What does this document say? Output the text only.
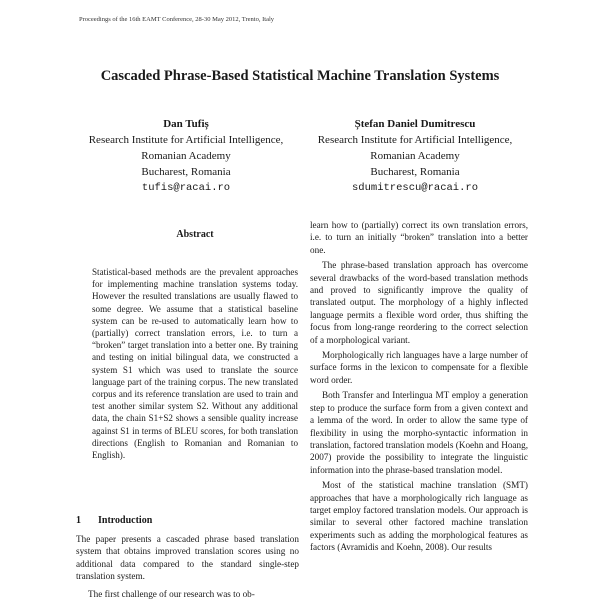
Proceedings of the 16th EAMT Conference, 28-30 May 2012, Trento, Italy
Cascaded Phrase-Based Statistical Machine Translation Systems
Dan Tufiș
Research Institute for Artificial Intelligence,
Romanian Academy
Bucharest, Romania
tufis@racai.ro
Ștefan Daniel Dumitrescu
Research Institute for Artificial Intelligence,
Romanian Academy
Bucharest, Romania
sdumitrescu@racai.ro
Abstract
Statistical-based methods are the prevalent approaches for implementing machine translation systems today. However the resulted translations are usually flawed to some degree. We assume that a statistical baseline system can be re-used to automatically learn how to (partially) correct translation errors, i.e. to turn a “broken” target translation into a better one. By training and testing on initial bilingual data, we constructed a system S1 which was used to translate the source language part of the training corpus. The new translated corpus and its reference translation are used to train and test another similar system S2. Without any additional data, the chain S1+S2 shows a sensible quality increase against S1 in terms of BLEU scores, for both translation directions (English to Romanian and Romanian to English).
1 Introduction

The paper presents a cascaded phrase based translation system that obtains improved translation scores using no additional data compared to the standard single-step translation system.

The first challenge of our research was to ob-

learn how to (partially) correct its own translation errors, i.e. to turn an initially “broken” translation into a better one.

The phrase-based translation approach has overcome several drawbacks of the word-based translation methods and proved to significantly improve the quality of translated output. The morphology of a highly inflected language permits a flexible word order, thus shifting the focus from long-range reordering to the correct selection of a morphological variant.

Morphologically rich languages have a large number of surface forms in the lexicon to compensate for a flexible word order.

Both Transfer and Interlingua MT employ a generation step to produce the surface form from a given context and a lemma of the word. In order to allow the same type of flexibility in using the morpho-syntactic information in translation, factored translation models (Koehn and Hoang, 2007) provide the possibility to integrate the linguistic information into the phrase-based translation model.

Most of the statistical machine translation (SMT) approaches that have a morphologically rich language as target employ factored translation models. Our approach is similar to several other factored machine translation experiments such as adding the morphological features as factors (Avramidis and Koehn, 2008). Our results
